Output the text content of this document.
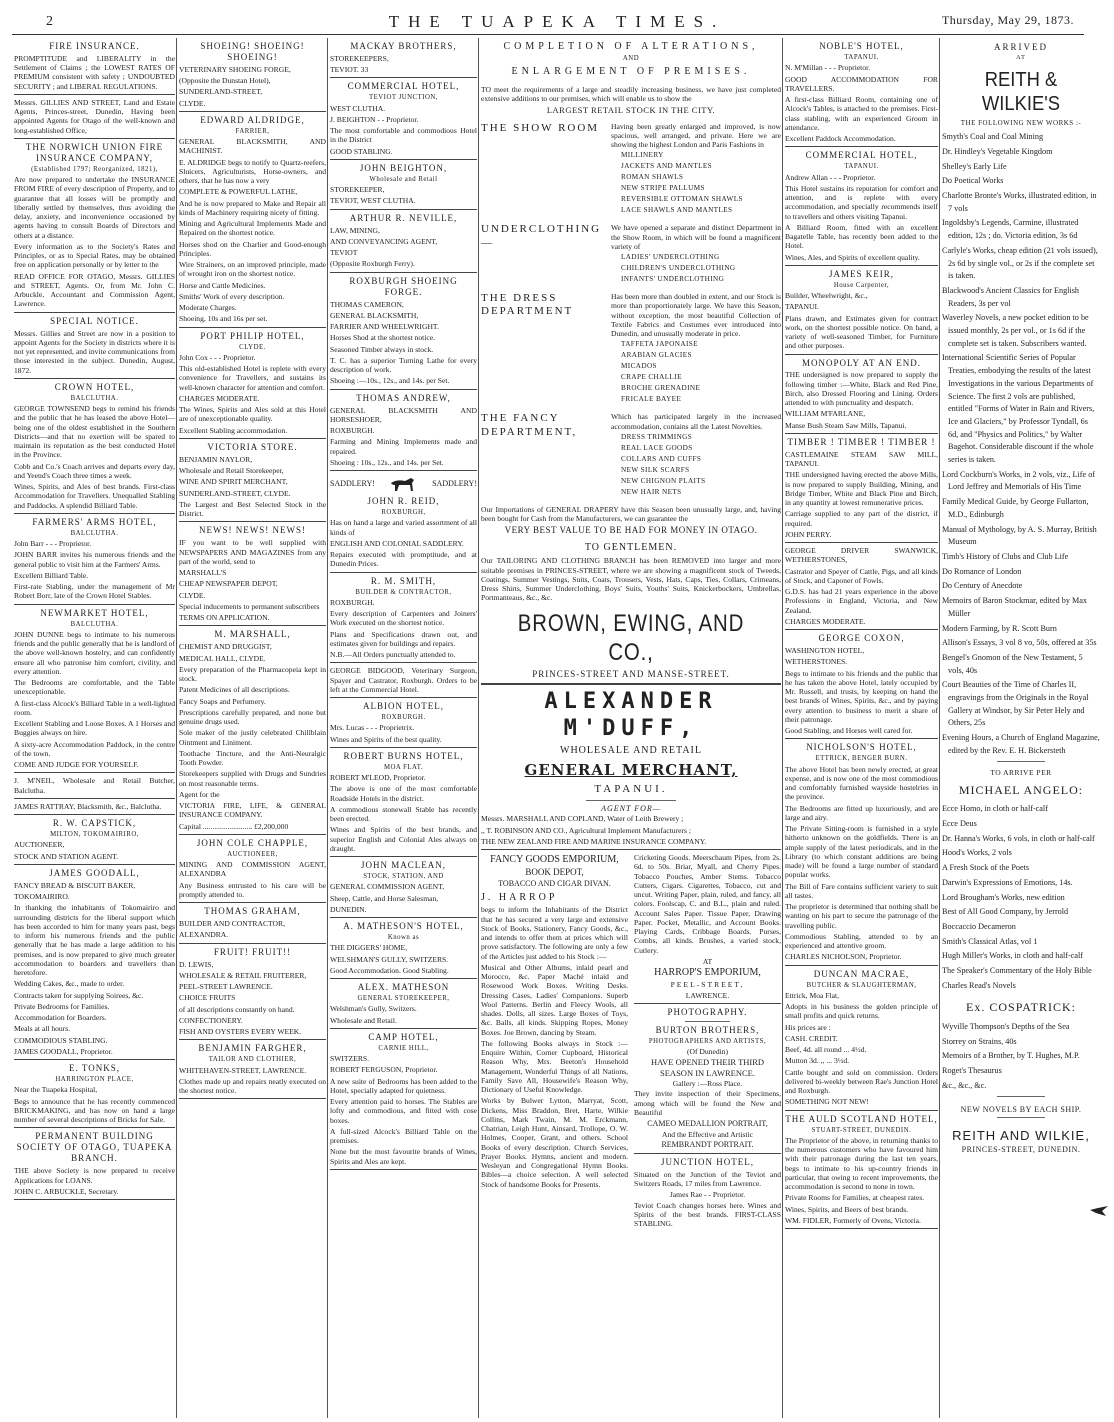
2	THE TUAPEKA TIMES.	Thursday, May 29, 1873.
FIRE INSURANCE.

PROMPTITUDE and LIBERALITY in the Settlement of Claims ; the LOWEST RATES OF PREMIUM consistent with safety ; UNDOUBTED SECURITY ; and LIBERAL REGULATIONS.

Messrs. GILLIES AND STREET, Land and Estate Agents, Princes-street, Dunedin, Having been appointed Agents for Otago of the well-known and long-established Office,

THE NORWICH UNION FIRE INSURANCE COMPANY,
(Established 1797; Reorganized, 1821),

Are now prepared to undertake the INSURANCE FROM FIRE of every description of Property, and to guarantee that all losses will be promptly and liberally settled by themselves, thus avoiding the delay, anxiety, and inconvenience occasioned by agents having to consult Boards of Directors and others at a distance.

Every information as to the Society's Rates and Principles, or as to Special Rates, may be obtained free on application personally or by letter to the

READ OFFICE FOR OTAGO, Messrs. GILLIES and STREET, Agents. Or, from Mr. John C. Arbuckle, Accountant and Commission Agent, Lawrence.

SPECIAL NOTICE.

Messrs. Gillies and Street are now in a position to appoint Agents for the Society in districts where it is not yet represented, and invite communications from those interested in the subject. Dunedin, August, 1872.

CROWN HOTEL,
BALCLUTHA.

GEORGE TOWNSEND begs to remind his friends and the public that he has leased the above Hotel—being one of the oldest established in the Southern Districts—and that no exertion will be spared to maintain its reputation as the best conducted Hotel in the Province.

Cobb and Co.'s Coach arrives and departs every day, and Yeend's Coach three times a week.

Wines, Spirits, and Ales of best brands. First-class Accommodation for Travellers. Unequalled Stabling and Paddocks. A splendid Billiard Table.

FARMERS' ARMS HOTEL,
BALCLUTHA.

John Barr - - - Proprietor.

JOHN BARR invites his numerous friends and the general public to visit him at the Farmers' Arms.

Excellent Billiard Table.

First-rate Stabling, under the management of Mr Robert Borr, late of the Crown Hotel Stables.

NEWMARKET HOTEL,
BALCLUTHA.

JOHN DUNNE begs to intimate to his numerous friends and the public generally that he is landlord of the above well-known hostelry, and can confidently ensure all who patronise him comfort, civility, and every attention.

The Bedrooms are comfortable, and the Table unexceptionable.

A first-class Alcock's Billiard Table in a well-lighted room.

Excellent Stabling and Loose Boxes. A 1 Horses and Buggies always on hire.

A sixty-acre Accommodation Paddock, in the centre of the town.

COME AND JUDGE FOR YOURSELF.

J. M'NEIL, Wholesale and Retail Butcher, Balclutha.

JAMES RATTRAY, Blacksmith, &c., Balclutha.

R. W. CAPSTICK,
MILTON, TOKOMAIRIRO,

AUCTIONEER,

STOCK AND STATION AGENT.

JAMES GOODALL,

FANCY BREAD & BISCUIT BAKER,

TOKOMAIRIRO.

In thanking the inhabitants of Tokomairiro and surrounding districts for the liberal support which has been accorded to him for many years past, begs to inform his numerous friends and the public generally that he has made a large addition to his premises, and is now prepared to give much greater accommodation to boarders and travellers than heretofore.

Wedding Cakes, &c., made to order.

Contracts taken for supplying Soirees, &c.

Private Bedrooms for Families.

Accommodation for Boarders.

Meals at all hours.

COMMODIOUS STABLING.

JAMES GOODALL, Proprietor.

E. TONKS,
HARRINGTON PLACE,

Near the Tuapeka Hospital,

Begs to announce that he has recently commenced BRICKMAKING, and has now on hand a large number of several descriptions of Bricks for Sale.

PERMANENT BUILDING SOCIETY OF OTAGO, TUAPEKA BRANCH.

THE above Society is now prepared to receive Applications for LOANS.

JOHN C. ARBUCKLE, Secretary.

SHOEING! SHOEING! SHOEING!

VETERINARY SHOEING FORGE,

(Opposite the Dunstan Hotel),

SUNDERLAND-STREET,

CLYDE.

EDWARD ALDRIDGE,
FARRIER,

GENERAL BLACKSMITH, AND MACHINIST.

E. ALDRIDGE begs to notify to Quartz-reefers, Sluicers, Agriculturists, Horse-owners, and others, that he has now a very

COMPLETE & POWERFUL LATHE,

And he is now prepared to Make and Repair all kinds of Machinery requiring nicety of fitting.

Mining and Agricultural Implements Made and Repaired on the shortest notice.

Horses shod on the Charlier and Good-enough Principles.

Wire Strainers, on an improved principle, made of wrought iron on the shortest notice.

Horse and Cattle Medicines.

Smiths' Work of every description.

Moderate Charges.

Shoeing, 10s and 16s per set.

PORT PHILIP HOTEL,
CLYDE.

John Cox - - - Proprietor.

This old-established Hotel is replete with every convenience for Travellers, and sustains its well-known character for attention and comfort.

CHARGES MODERATE.

The Wines, Spirits and Ales sold at this Hotel are of unexceptionable quality.

Excellent Stabling accommodation.

VICTORIA STORE.

BENJAMIN NAYLOR,

Wholesale and Retail Storekeeper,

WINE AND SPIRIT MERCHANT,

SUNDERLAND-STREET, CLYDE.

The Largest and Best Selected Stock in the District.

NEWS! NEWS! NEWS!

IF you want to be well supplied with NEWSPAPERS AND MAGAZINES from any part of the world, send to

MARSHALL'S

CHEAP NEWSPAPER DEPOT,

CLYDE.

Special inducements to permanent subscribers

TERMS ON APPLICATION.

M. MARSHALL,

CHEMIST AND DRUGGIST,

MEDICAL HALL, CLYDE.

Every preparation of the Pharmacopeia kept in stock.

Patent Medicines of all descriptions.

Fancy Soaps and Perfumery.

Prescriptions carefully prepared, and none but genuine drugs used.

Sole maker of the justly celebrated Chillblain Ointment and Liniment.

Toothache Tincture, and the Anti-Neuralgic Tooth Powder.

Storekeepers supplied with Drugs and Sundries on most reasonable terms.

Agent for the

VICTORIA FIRE, LIFE, & GENERAL INSURANCE COMPANY.

Capital .......................... £2,200,000

JOHN COLE CHAPPLE,
AUCTIONEER,

MINING AND COMMISSION AGENT, ALEXANDRA

Any Business entrusted to his care will be promptly attended to.

THOMAS GRAHAM,

BUILDER AND CONTRACTOR,

ALEXANDRA.

FRUIT! FRUIT!!

D. LEWIS,

WHOLESALE & RETAIL FRUITERER,

PEEL-STREET LAWRENCE.

CHOICE FRUITS

of all descriptions constantly on hand.

CONFECTIONERY.

FISH AND OYSTERS EVERY WEEK.

BENJAMIN FARGHER,
TAILOR AND CLOTHIER,

WHITEHAVEN-STREET, LAWRENCE.

Clothes made up and repairs neatly executed on the shortest notice.

MACKAY BROTHERS,

STOREKEEPERS,

TEVIOT. 33

COMMERCIAL HOTEL,
TEVIOT JUNCTION,

WEST CLUTHA.

J. BEIGHTON - - Proprietor.

The most comfortable and commodious Hotel in the District

GOOD STABLING.

JOHN BEIGHTON,
Wholesale and Retail

STOREKEEPER,

TEVIOT, WEST CLUTHA.

ARTHUR R. NEVILLE,

LAW, MINING,

AND CONVEYANCING AGENT,

TEVIOT

(Opposite Roxburgh Ferry).

ROXBURGH SHOEING FORGE.

THOMAS CAMERON,

GENERAL BLACKSMITH,

FARRIER AND WHEELWRIGHT.

Horses Shod at the shortest notice.

Seasoned Timber always in stock.

T. C. has a superior Turning Lathe for every description of work.

Shoeing :—10s., 12s., and 14s. per Set.

THOMAS ANDREW,

GENERAL BLACKSMITH AND HORSESHOER,

ROXBURGH.

Farming and Mining Implements made and repaired.

Shoeing : 10s., 12s., and 14s. per Set.

SADDLERY!	SADDLERY!
JOHN R. REID,
ROXBURGH,

Has on hand a large and varied assortment of all kinds of

ENGLISH AND COLONIAL SADDLERY.

Repairs executed with promptitude, and at Dunedin Prices.

R. M. SMITH,
BUILDER & CONTRACTOR,

ROXBURGH.

Every description of Carpenters and Joiners' Work executed on the shortest notice.

Plans and Specifications drawn out, and estimates given for buildings and repairs.

N.B.—All Orders punctually attended to.

GEORGE BIDGOOD, Veterinary Surgeon, Spayer and Castrator, Roxburgh. Orders to be left at the Commercial Hotel.

ALBION HOTEL,
ROXBURGH.

Mrs. Lucas - - - Proprietrix.

Wines and Spirits of the best quality.

ROBERT BURNS HOTEL,
MOA FLAT.

ROBERT M'LEOD, Proprietor.

The above is one of the most comfortable Roadside Hotels in the district.

A commodious stonewall Stable has recently been erected.

Wines and Spirits of the best brands, and superior English and Colonial Ales always on draught.

JOHN MACLEAN,
STOCK, STATION, AND

GENERAL COMMISSION AGENT,

Sheep, Cattle, and Horse Salesman,

DUNEDIN.

A. MATHESON'S HOTEL,
Known as

THE DIGGERS' HOME,

WELSHMAN'S GULLY, SWITZERS.

Good Accommodation. Good Stabling.

ALEX. MATHESON
GENERAL STOREKEEPER,

Welshman's Gully, Switzers.

Wholesale and Retail.

CAMP HOTEL,
CARNIE HILL,

SWITZERS.

ROBERT FERGUSON, Proprietor.

A new suite of Bedrooms has been added to the Hotel, specially adapted for quietness.

Every attention paid to horses. The Stables are lofty and commodious, and fitted with cose boxes.

A full-sized Alcock's Billiard Table on the premises.

None but the most favourite brands of Wines, Spirits and Ales are kept.

COMPLETION OF ALTERATIONS,
AND
ENLARGEMENT OF PREMISES.

TO meet the requirements of a large and steadily increasing business, we have just completed extensive additions to our premises, which will enable us to show the

LARGEST RETAIL STOCK IN THE CITY.
THE SHOW ROOM Having been greatly enlarged and improved, is now spacious, well arranged, and private. Here we are showing the highest London and Paris Fashions in

MILLINERY
JACKETS AND MANTLES
ROMAN SHAWLS
NEW STRIPE PALLUMS
REVERSIBLE OTTOMAN SHAWLS
LACE SHAWLS AND MANTLES
UNDERCLOTHING—

We have opened a separate and distinct Department in the Show Room, in which will be found a magnificent variety of

LADIES' UNDERCLOTHING
CHILDREN'S UNDERCLOTHING
INFANTS' UNDERCLOTHING
THE DRESS DEPARTMENT

Has been more than doubled in extent, and our Stock is more than proportionately large. We have this Season, without exception, the most beautiful Collection of Textile Fabrics and Costumes ever introduced into Dunedin, and unusually moderate in price.

TAFFETA JAPONAISE
ARABIAN GLACIES
MICADOS
CRAPE CHALLIE
BROCHE GRENADINE
FRICALE BAYEE
THE FANCY DEPARTMENT,

Which has participated largely in the increased accommodation, contains all the Latest Novelties.

DRESS TRIMMINGS
REAL LACE GOODS
COLLARS AND CUFFS
NEW SILK SCARFS
NEW CHIGNON PLAITS
NEW HAIR NETS

Our Importations of GENERAL DRAPERY have this Season been unusually large, and, having been bought for Cash from the Manufacturers, we can guarantee the

VERY BEST VALUE TO BE HAD FOR MONEY IN OTAGO.
TO GENTLEMEN.

Our TAILORING AND CLOTHING BRANCH has been REMOVED into larger and more suitable premises in PRINCES-STREET, where we are showing a magnificent stock of Tweeds, Coatings, Summer Vestings, Suits, Coats, Trousers, Vests, Hats, Caps, Ties, Collars, Crimeans, Dress Shirts, Summer Underclothing, Boys' Suits, Youths' Suits, Knickerbockers, Umbrellas, Portmanteaus, &c., &c.

BROWN, EWING, AND CO.,
PRINCES-STREET AND MANSE-STREET.
ALEXANDER M'DUFF,
WHOLESALE AND RETAIL
GENERAL MERCHANT,
TAPANUI.
AGENT FOR—

Messrs. MARSHALL AND COPLAND, Water of Leith Brewery ;

,, T. ROBINSON AND CO., Agricultural Implement Manufacturers ;

THE NEW ZEALAND FIRE AND MARINE INSURANCE COMPANY.

FANCY GOODS EMPORIUM,
BOOK DEPOT,
TOBACCO AND CIGAR DIVAN.
J. HARROP

begs to inform the Inhabitants of the District that he has secured a very large and extensive Stock of Books, Stationery, Fancy Goods, &c., and intends to offer them at prices which will prove satisfactory. The following are only a few of the Articles just added to his Stock :—

Musical and Other Albums, inlaid pearl and Morocco, &c. Paper Maché inlaid and Rosewood Work Boxes. Writing Desks. Dressing Cases, Ladies' Companions. Superb Wool Patterns. Berlin and Fleecy Wools, all shades. Dolls, all sizes. Large Boxes of Toys, &c. Balls, all kinds. Skipping Ropes, Money Boxes. Joe Brown, dancing by Steam.

The following Books always in Stock :—Enquire Within, Corner Cupboard, Historical Reason Why, Mrs. Beeton's Household Management, Wonderful Things of all Nations, Family Save All, Housewife's Reason Why, Dictionary of Useful Knowledge.

Works by Bulwer Lytton, Marryat, Scott, Dickens, Miss Braddon, Bret, Harte, Wilkie Collins, Mark Twain, M. M. Erckmann, Chatrian, Leigh Hunt, Ainsard, Trollope, O. W. Holmes, Cooper, Grant, and others. School Books of every description. Church Services, Prayer Books. Hymns, ancient and modern. Wesleyan and Congregational Hymn Books. Bibles—a choice selection. A well selected Stock of handsome Books for Presents.

Cricketing Goods. Meerschaum Pipes, from 2s. 6d. to 50s. Briar, Myall, and Cherry Pipes. Tobacco Pouches, Amber Stems. Tobacco Cutters, Cigars. Cigarettes, Tobacco, cut and uncut. Writing Paper, plain, ruled, and fancy, all colors. Foolscap, C. and B.L., plain and ruled. Account Sales Paper. Tissue Paper, Drawing Paper. Pocket, Metallic, and Account Books. Playing Cards, Cribbage Boards. Purses, Combs, all kinds. Brushes, a varied stock, Cutlery.

AT
HARROP'S EMPORIUM,
PEEL-STREET,
LAWRENCE.
PHOTOGRAPHY.
BURTON BROTHERS,
PHOTOGRAPHERS AND ARTISTS,
(Of Dunedin)
HAVE OPENED THEIR THIRD SEASON IN LAWRENCE.
Gallery :—Ross Place.

They invite inspection of their Specimens, among which will be found the New and Beautiful

CAMEO MEDALLION PORTRAIT,
And the Effective and Artistic
REMBRANDT PORTRAIT.
JUNCTION HOTEL,

Situated on the Junction of the Teviot and Switzers Roads, 17 miles from Lawrence.

James Rae - - Proprietor.

Teviot Coach changes horses here. Wines and Spirits of the best brands. FIRST-CLASS STABLING.

NOBLE'S HOTEL,
TAPANUI.

N. M'Millan - - - Proprietor.

GOOD ACCOMMODATION FOR TRAVELLERS.

A first-class Billiard Room, containing one of Alcock's Tables, is attached to the premises. First-class stabling, with an experienced Groom in attendance.

Excellent Paddock Accommodation.

COMMERCIAL HOTEL,
TAPANUI.

Andrew Allan - - - Proprietor.

This Hotel sustains its reputation for comfort and attention, and is replete with every accommodation, and specially recommends itself to travellers and others visiting Tapanui.

A Billiard Room, fitted with an excellent Bagatelle Table, has recently been added to the Hotel.

Wines, Ales, and Spirits of excellent quality.

JAMES KEIR,
House Carpenter,

Builder, Wheelwright, &c.,

TAPANUI.

Plans drawn, and Estimates given for contract work, on the shortest possible notice. On hand, a variety of well-seasoned Timber, for Furniture and other purposes.

MONOPOLY AT AN END.

THE undersigned is now prepared to supply the following timber :—White, Black and Red Pine, Birch, also Dressed Flooring and Lining. Orders attended to with punctuality and despatch.

WILLIAM M'FARLANE,

Manse Bush Steam Saw Mills, Tapanui.

TIMBER ! TIMBER ! TIMBER !

CASTLEMAINE STEAM SAW MILL, TAPANUI.

THE undersigned having erected the above Mills, is now prepared to supply Building, Mining, and Bridge Timber, White and Black Pine and Birch, in any quantity at lowest remunerative prices.

Carriage supplied to any part of the district, if required.

JOHN PERRY.

GEORGE DRIVER SWANWICK, WETHERSTONES,

Castrator and Speyer of Cattle, Pigs, and all kinds of Stock, and Caponer of Fowls.

G.D.S. has had 21 years experience in the above Professions in England, Victoria, and New Zealand.

CHARGES MODERATE.

GEORGE COXON,

WASHINGTON HOTEL,

WETHERSTONES.

Begs to intimate to his friends and the public that he has taken the above Hotel, lately occupied by Mr. Russell, and trusts, by keeping on hand the best brands of Wines, Spirits, &c., and by paying every attention to business to merit a share of their patronage.

Good Stabling, and Horses well cared for.

NICHOLSON'S HOTEL,
ETTRICK, BENGER BURN.

The above Hotel has been newly erected, at great expense, and is now one of the most commodious and comfortably furnished wayside hostelries in the province.

The Bedrooms are fitted up luxuriously, and are large and airy.

The Private Sitting-room is furnished in a style hitherto unknown on the goldfields. There is an ample supply of the latest periodicals, and in the Library (to which constant additions are being made) will be found a large number of standard popular works.

The Bill of Fare contains sufficient variety to suit all tastes.

The proprietor is determined that nothing shall be wanting on his part to secure the patronage of the travelling public.

Commodious Stabling, attended to by an experienced and attentive groom.

CHARLES NICHOLSON, Proprietor.

DUNCAN MACRAE,
BUTCHER & SLAUGHTERMAN,

Ettrick, Moa Flat,

Adopts in his business the golden principle of small profits and quick returns.

His prices are :

CASH. CREDIT.

Beef, 4d. all round ... 4½d.

Mutton 3d. ,, ... 3½d.

Cattle bought and sold on commission. Orders delivered bi-weekly between Rae's Junction Hotel and Roxburgh.

SOMETHING NOT NEW!

THE AULD SCOTLAND HOTEL,
STUART-STREET, DUNEDIN.

The Proprietor of the above, in returning thanks to the numerous customers who have favoured him with their patronage during the last ten years, begs to intimate to his up-country friends in particular, that owing to recent improvements, the accommodation is second to none in town.

Private Rooms for Families, at cheapest rates.

Wines, Spirits, and Beers of best brands.

WM. FIDLER, Formerly of Ovens, Victoria.

ARRIVED
AT
REITH & WILKIE'S
THE FOLLOWING NEW WORKS :-
Smyth's Coal and Coal Mining
Dr. Hindley's Vegetable Kingdom
Shelley's Early Life
Do Poetical Works
Charlotte Bronte's Works, illustrated edition, in 7 vols
Ingoldsby's Legends, Carmine, illustrated edition, 12s ; do. Victoria edition, 3s 6d
Carlyle's Works, cheap edition (21 vols issued), 2s 6d by single vol., or 2s if the complete set is taken.
Blackwood's Ancient Classics for English Readers, 3s per vol
Waverley Novels, a new pocket edition to be issued monthly, 2s per vol., or 1s 6d if the complete set is taken. Subscribers wanted.
International Scientific Series of Popular Treaties, embodying the results of the latest Investigations in the various Departments of Science. The first 2 vols are published, entitled "Forms of Water in Rain and Rivers, Ice and Glaciers," by Professor Tyndall, 6s 6d, and "Physics and Politics," by Walter Bagehot. Considerable discount if the whole series is taken.
Lord Cockburn's Works, in 2 vols, viz., Life of Lord Jeffrey and Memorials of His Time
Family Medical Guide, by George Fullarton, M.D., Edinburgh
Manual of Mythology, by A. S. Murray, British Museum
Timb's History of Clubs and Club Life
Do Romance of London
Do Century of Anecdote
Memoirs of Baron Stockmar, edited by Max Müller
Modern Farming, by R. Scott Burn
Allison's Essays, 3 vol 8 vo, 50s, offered at 35s
Bengel's Gnomon of the New Testament, 5 vols, 40s
Court Beauties of the Time of Charles II, engravings from the Originals in the Royal Gallery at Windsor, by Sir Peter Hely and Others, 25s
Evening Hours, a Church of England Magazine, edited by the Rev. E. H. Bickersteth
TO ARRIVE PER
MICHAEL ANGELO:
Ecce Homo, in cloth or half-calf
Ecce Deus
Dr. Hanna's Works, 6 vols, in cloth or half-calf
Hood's Works, 2 vols
A Fresh Stock of the Poets
Darwin's Expressions of Emotions, 14s.
Lord Brougham's Works, new edition
Best of All Good Company, by Jerrold
Boccaccio Decameron
Smith's Classical Atlas, vol 1
Hugh Miller's Works, in cloth and half-calf
The Speaker's Commentary of the Holy Bible
Charles Read's Novels
Ex. COSPATRICK:
Wyville Thompson's Depths of the Sea
Storrey on Strains, 40s
Memoirs of a Brother, by T. Hughes, M.P.
Roget's Thesaurus
&c., &c., &c.
NEW NOVELS BY EACH SHIP.
REITH AND WILKIE,
PRINCES-STREET, DUNEDIN.
